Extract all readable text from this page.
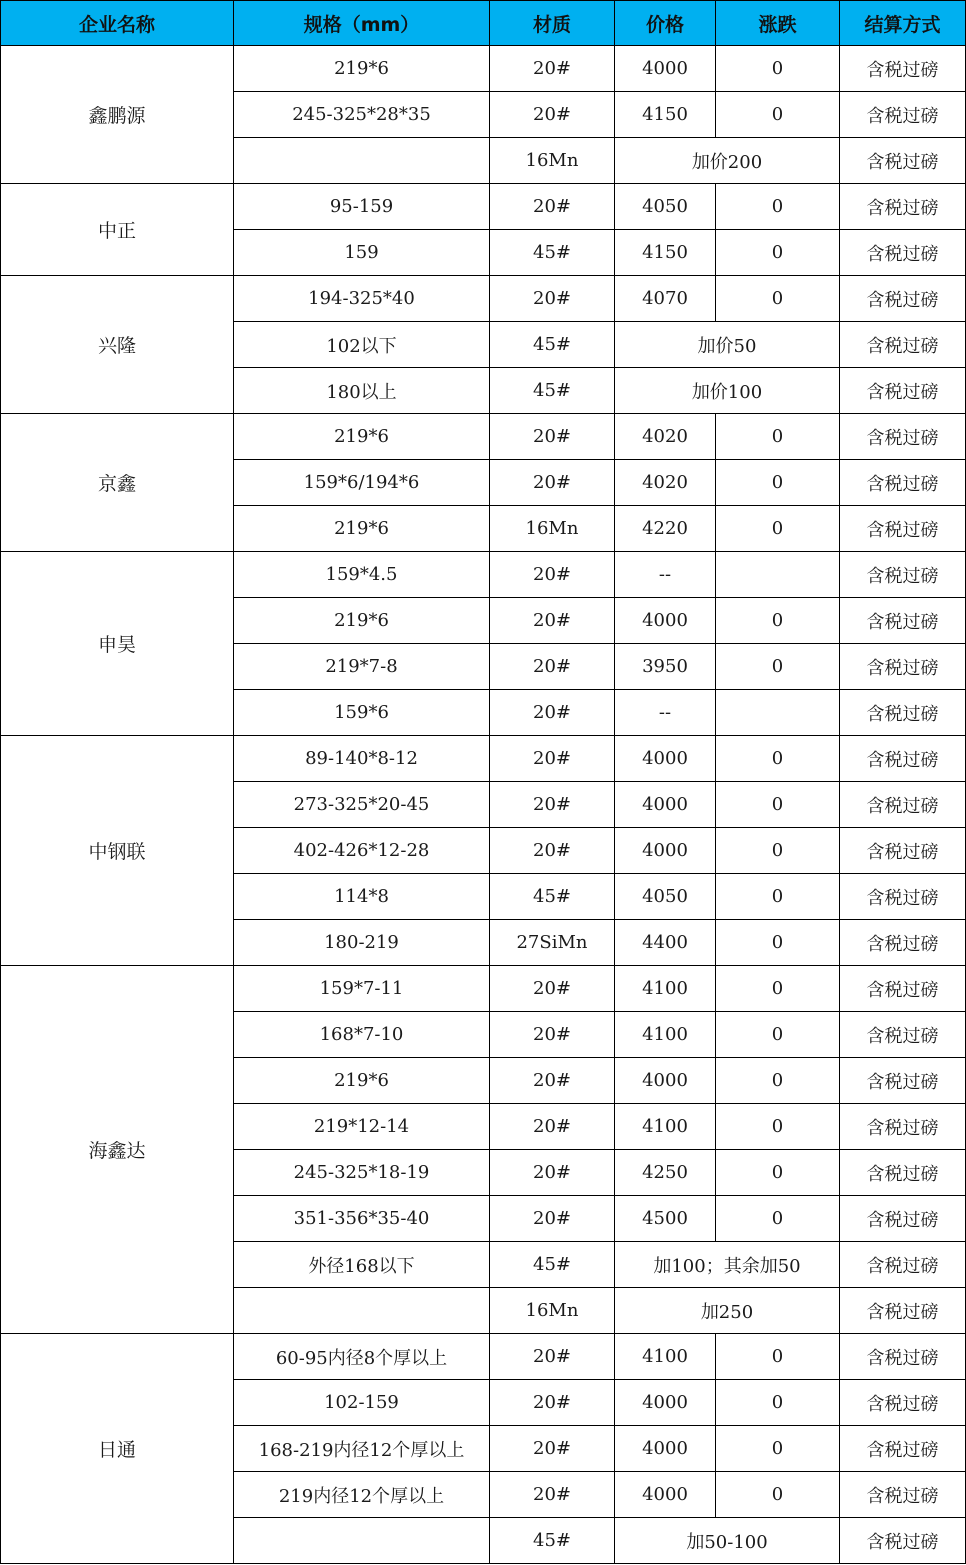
企业名称	规格（mm）	材质	价格	涨跌	结算方式
鑫鹏源	219*6	20#	4000	0	含税过磅
	245-325*28*35	20#	4150	0	含税过磅
		16Mn	加价200		含税过磅
中正	95-159	20#	4050	0	含税过磅
	159	45#	4150	0	含税过磅
兴隆	194-325*40	20#	4070	0	含税过磅
	102以下	45#	加价50		含税过磅
	180以上	45#	加价100		含税过磅
京鑫	219*6	20#	4020	0	含税过磅
	159*6/194*6	20#	4020	0	含税过磅
	219*6	16Mn	4220	0	含税过磅
申昊	159*4.5	20#	--		含税过磅
	219*6	20#	4000	0	含税过磅
	219*7-8	20#	3950	0	含税过磅
	159*6	20#	--		含税过磅
中钢联	89-140*8-12	20#	4000	0	含税过磅
	273-325*20-45	20#	4000	0	含税过磅
	402-426*12-28	20#	4000	0	含税过磅
	114*8	45#	4050	0	含税过磅
	180-219	27SiMn	4400	0	含税过磅
海鑫达	159*7-11	20#	4100	0	含税过磅
	168*7-10	20#	4100	0	含税过磅
	219*6	20#	4000	0	含税过磅
	219*12-14	20#	4100	0	含税过磅
	245-325*18-19	20#	4250	0	含税过磅
	351-356*35-40	20#	4500	0	含税过磅
	外径168以下	45#	加100；其余加50		含税过磅
		16Mn	加250		含税过磅
日通	60-95内径8个厚以上	20#	4100	0	含税过磅
	102-159	20#	4000	0	含税过磅
	168-219内径12个厚以上	20#	4000	0	含税过磅
	219内径12个厚以上	20#	4000	0	含税过磅
		45#	加50-100		含税过磅
